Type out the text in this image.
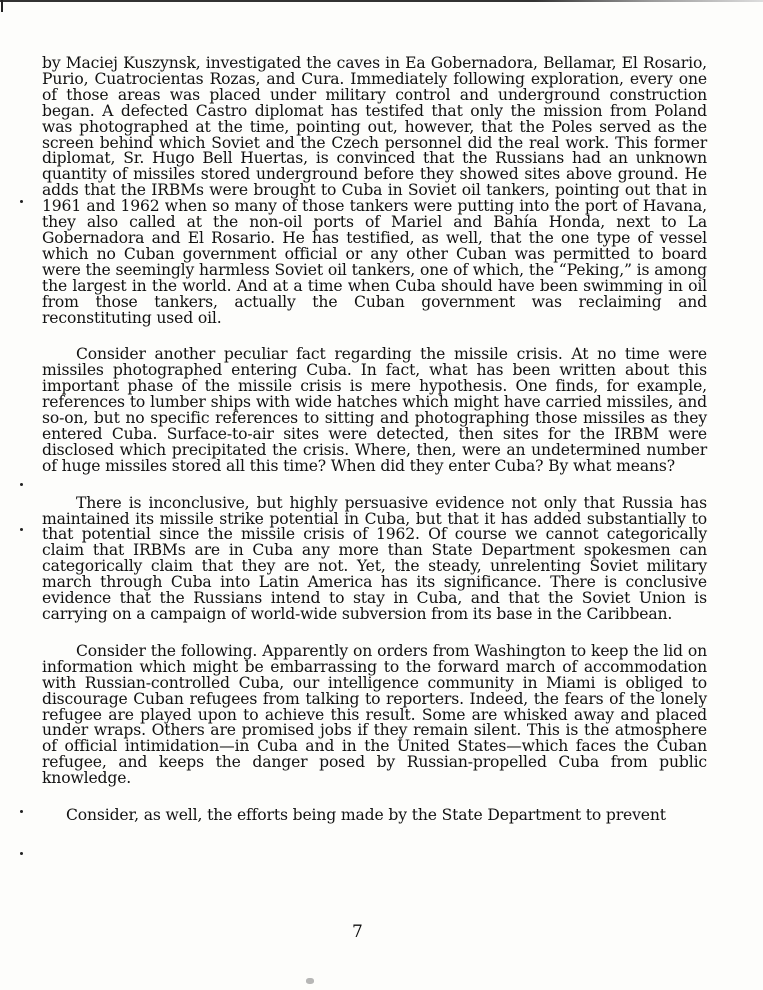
by Maciej Kuszynsk, investigated the caves in Ea Gobernadora, Bellamar, El Rosario, Purio, Cuatrocientas Rozas, and Cura. Immediately following exploration, every one of those areas was placed under military control and underground construction began. A defected Castro diplomat has testifed that only the mission from Poland was photographed at the time, pointing out, however, that the Poles served as the screen behind which Soviet and the Czech personnel did the real work. This former diplomat, Sr. Hugo Bell Huertas, is convinced that the Russians had an unknown quantity of missiles stored underground before they showed sites above ground. He adds that the IRBMs were brought to Cuba in Soviet oil tankers, pointing out that in 1961 and 1962 when so many of those tankers were putting into the port of Havana, they also called at the non-oil ports of Mariel and Bahía Honda, next to La Gobernadora and El Rosario. He has testified, as well, that the one type of vessel which no Cuban government official or any other Cuban was permitted to board were the seemingly harmless Soviet oil tankers, one of which, the “Peking,” is among the largest in the world. And at a time when Cuba should have been swimming in oil from those tankers, actually the Cuban government was reclaiming and reconstituting used oil.

Consider another peculiar fact regarding the missile crisis. At no time were missiles photographed entering Cuba. In fact, what has been written about this important phase of the missile crisis is mere hypothesis. One finds, for example, references to lumber ships with wide hatches which might have carried missiles, and so-on, but no specific references to sitting and photographing those missiles as they entered Cuba. Surface-to-air sites were detected, then sites for the IRBM were disclosed which precipitated the crisis. Where, then, were an undetermined number of huge missiles stored all this time? When did they enter Cuba? By what means?

There is inconclusive, but highly persuasive evidence not only that Russia has maintained its missile strike potential in Cuba, but that it has added substantially to that potential since the missile crisis of 1962. Of course we cannot categorically claim that IRBMs are in Cuba any more than State Department spokesmen can categorically claim that they are not. Yet, the steady, unrelenting Soviet military march through Cuba into Latin America has its significance. There is conclusive evidence that the Russians intend to stay in Cuba, and that the Soviet Union is carrying on a campaign of world-wide subversion from its base in the Caribbean.

Consider the following. Apparently on orders from Washington to keep the lid on information which might be embarrassing to the forward march of accommodation with Russian-controlled Cuba, our intelligence community in Miami is obliged to discourage Cuban refugees from talking to reporters. Indeed, the fears of the lonely refugee are played upon to achieve this result. Some are whisked away and placed under wraps. Others are promised jobs if they remain silent. This is the atmosphere of official intimidation—in Cuba and in the United States—which faces the Cuban refugee, and keeps the danger posed by Russian-propelled Cuba from public knowledge.

Consider, as well, the efforts being made by the State Department to prevent

7
